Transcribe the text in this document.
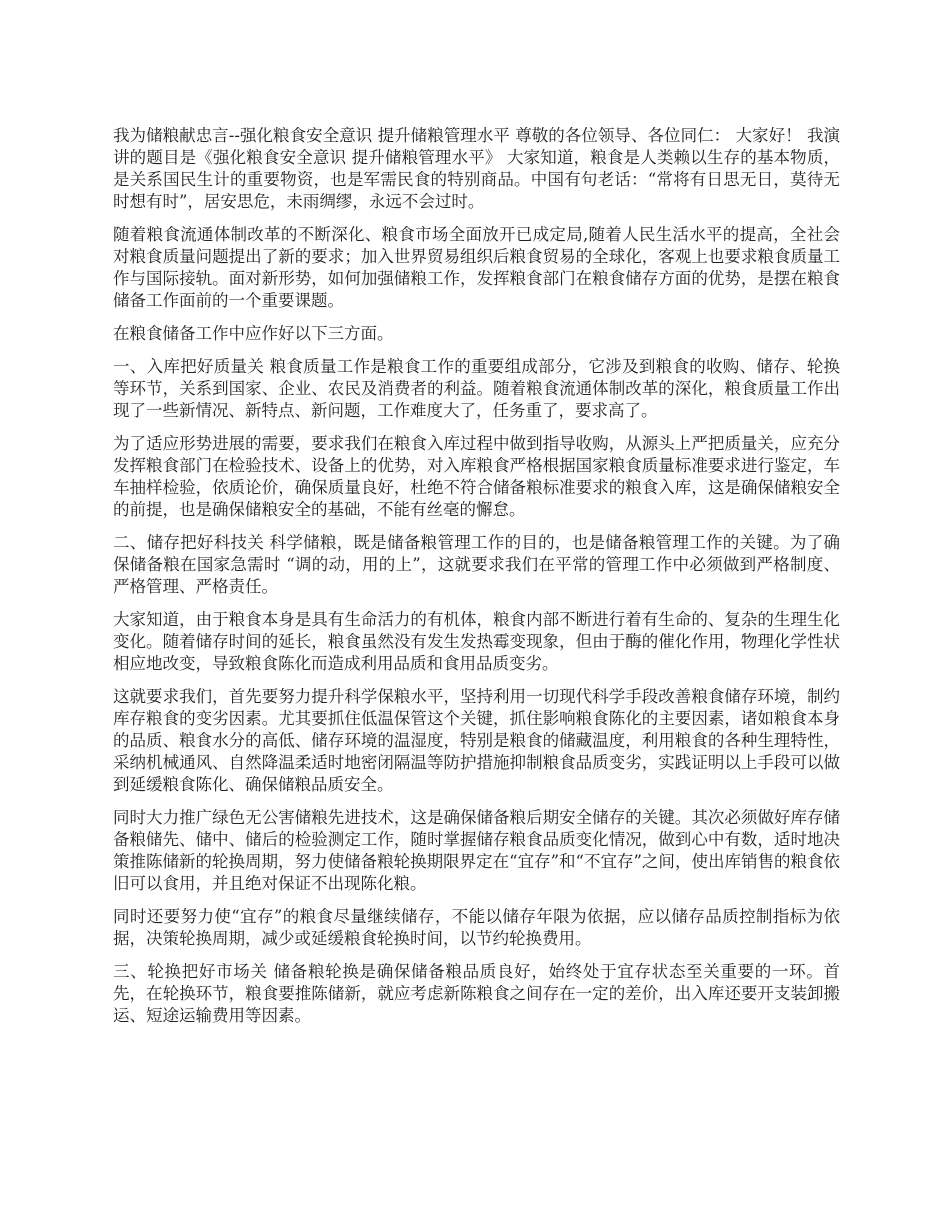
我为储粮献忠言--强化粮食安全意识 提升储粮管理水平 尊敬的各位领导、各位同仁： 大家好！ 我演讲的题目是《强化粮食安全意识 提升储粮管理水平》 大家知道，粮食是人类赖以生存的基本物质，是关系国民生计的重要物资，也是军需民食的特别商品。中国有句老话：“常将有日思无日，莫待无时想有时”，居安思危，未雨绸缪，永远不会过时。

随着粮食流通体制改革的不断深化、粮食市场全面放开已成定局,随着人民生活水平的提高，全社会对粮食质量问题提出了新的要求；加入世界贸易组织后粮食贸易的全球化，客观上也要求粮食质量工作与国际接轨。面对新形势，如何加强储粮工作，发挥粮食部门在粮食储存方面的优势，是摆在粮食储备工作面前的一个重要课题。

在粮食储备工作中应作好以下三方面。

一、入库把好质量关 粮食质量工作是粮食工作的重要组成部分，它涉及到粮食的收购、储存、轮换等环节，关系到国家、企业、农民及消费者的利益。随着粮食流通体制改革的深化，粮食质量工作出现了一些新情况、新特点、新问题，工作难度大了，任务重了，要求高了。

为了适应形势进展的需要，要求我们在粮食入库过程中做到指导收购，从源头上严把质量关，应充分发挥粮食部门在检验技术、设备上的优势，对入库粮食严格根据国家粮食质量标准要求进行鉴定，车车抽样检验，依质论价，确保质量良好，杜绝不符合储备粮标准要求的粮食入库，这是确保储粮安全的前提，也是确保储粮安全的基础，不能有丝毫的懈怠。

二、储存把好科技关 科学储粮，既是储备粮管理工作的目的，也是储备粮管理工作的关键。为了确保储备粮在国家急需时 “调的动，用的上”，这就要求我们在平常的管理工作中必须做到严格制度、严格管理、严格责任。

大家知道，由于粮食本身是具有生命活力的有机体，粮食内部不断进行着有生命的、复杂的生理生化变化。随着储存时间的延长，粮食虽然没有发生发热霉变现象，但由于酶的催化作用，物理化学性状相应地改变，导致粮食陈化而造成利用品质和食用品质变劣。

这就要求我们，首先要努力提升科学保粮水平，坚持利用一切现代科学手段改善粮食储存环境，制约库存粮食的变劣因素。尤其要抓住低温保管这个关键，抓住影响粮食陈化的主要因素，诸如粮食本身的品质、粮食水分的高低、储存环境的温湿度，特别是粮食的储藏温度，利用粮食的各种生理特性，采纳机械通风、自然降温柔适时地密闭隔温等防护措施抑制粮食品质变劣，实践证明以上手段可以做到延缓粮食陈化、确保储粮品质安全。

同时大力推广绿色无公害储粮先进技术，这是确保储备粮后期安全储存的关键。其次必须做好库存储备粮储先、储中、储后的检验测定工作，随时掌握储存粮食品质变化情况，做到心中有数，适时地决策推陈储新的轮换周期，努力使储备粮轮换期限界定在“宜存”和“不宜存”之间，使出库销售的粮食依旧可以食用，并且绝对保证不出现陈化粮。

同时还要努力使“宜存”的粮食尽量继续储存，不能以储存年限为依据，应以储存品质控制指标为依据，决策轮换周期，减少或延缓粮食轮换时间，以节约轮换费用。

三、轮换把好市场关 储备粮轮换是确保储备粮品质良好，始终处于宜存状态至关重要的一环。首先，在轮换环节，粮食要推陈储新，就应考虑新陈粮食之间存在一定的差价，出入库还要开支装卸搬运、短途运输费用等因素。
